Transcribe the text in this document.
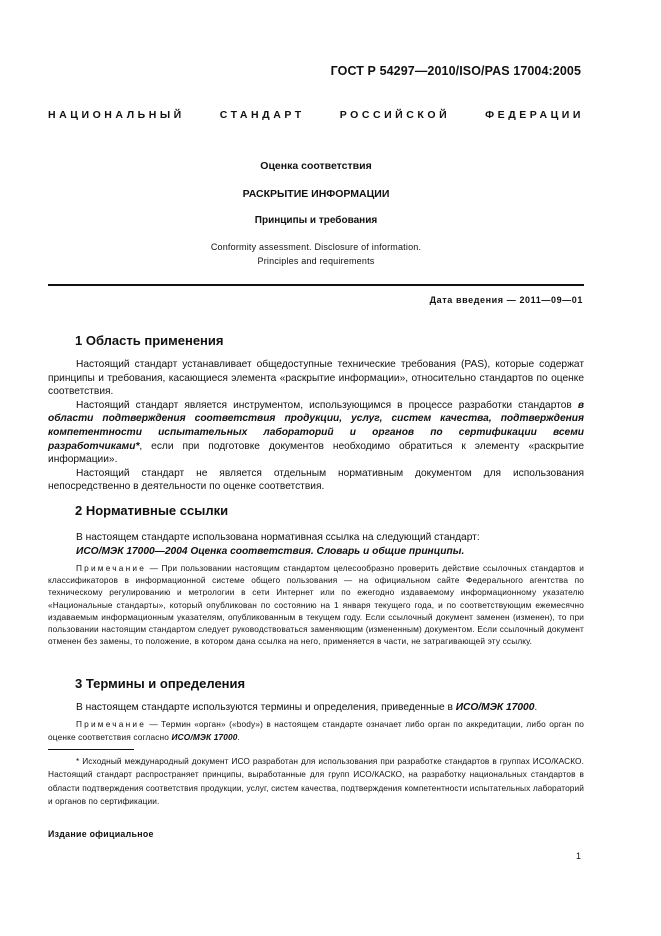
ГОСТ Р 54297—2010/ISO/PAS 17004:2005
НАЦИОНАЛЬНЫЙ СТАНДАРТ РОССИЙСКОЙ ФЕДЕРАЦИИ
Оценка соответствия
РАСКРЫТИЕ ИНФОРМАЦИИ
Принципы и требования
Conformity assessment. Disclosure of information.
Principles and requirements
Дата введения — 2011—09—01
1 Область применения

Настоящий стандарт устанавливает общедоступные технические требования (PAS), которые содержат принципы и требования, касающиеся элемента «раскрытие информации», относительно стандартов по оценке соответствия.

Настоящий стандарт является инструментом, использующимся в процессе разработки стандартов в области подтверждения соответствия продукции, услуг, систем качества, подтверждения компетентности испытательных лабораторий и органов по сертификации всеми разработчиками*, если при подготовке документов необходимо обратиться к элементу «раскрытие информации».

Настоящий стандарт не является отдельным нормативным документом для использования непосредственно в деятельности по оценке соответствия.

2 Нормативные ссылки

В настоящем стандарте использована нормативная ссылка на следующий стандарт:

ИСО/МЭК 17000—2004 Оценка соответствия. Словарь и общие принципы.

Примечание — При пользовании настоящим стандартом целесообразно проверить действие ссылочных стандартов и классификаторов в информационной системе общего пользования — на официальном сайте Федерального агентства по техническому регулированию и метрологии в сети Интернет или по ежегодно издаваемому информационному указателю «Национальные стандарты», который опубликован по состоянию на 1 января текущего года, и по соответствующим ежемесячно издаваемым информационным указателям, опубликованным в текущем году. Если ссылочный документ заменен (изменен), то при пользовании настоящим стандартом следует руководствоваться заменяющим (измененным) документом. Если ссылочный документ отменен без замены, то положение, в котором дана ссылка на него, применяется в части, не затрагивающей эту ссылку.

3 Термины и определения

В настоящем стандарте используются термины и определения, приведенные в ИСО/МЭК 17000.

Примечание — Термин «орган» («body») в настоящем стандарте означает либо орган по аккредитации, либо орган по оценке соответствия согласно ИСО/МЭК 17000.

* Исходный международный документ ИСО разработан для использования при разработке стандартов в группах ИСО/КАСКО. Настоящий стандарт распространяет принципы, выработанные для групп ИСО/КАСКО, на разработку национальных стандартов в области подтверждения соответствия продукции, услуг, систем качества, подтверждения компетентности испытательных лабораторий и органов по сертификации.

Издание официальное
1
